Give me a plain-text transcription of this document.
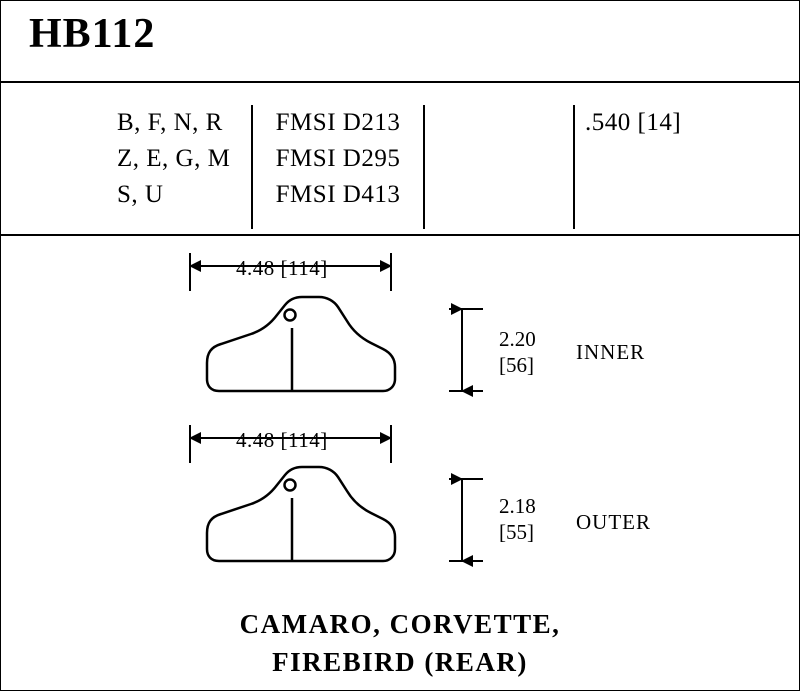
HB112
B, F, N, R
Z, E, G, M
S, U
FMSI D213
FMSI D295
FMSI D413
.540 [14]
4.48 [114]
4.48 [114]
2.20
[56]
2.18
[55]
INNER
OUTER
CAMARO, CORVETTE,
FIREBIRD (REAR)
